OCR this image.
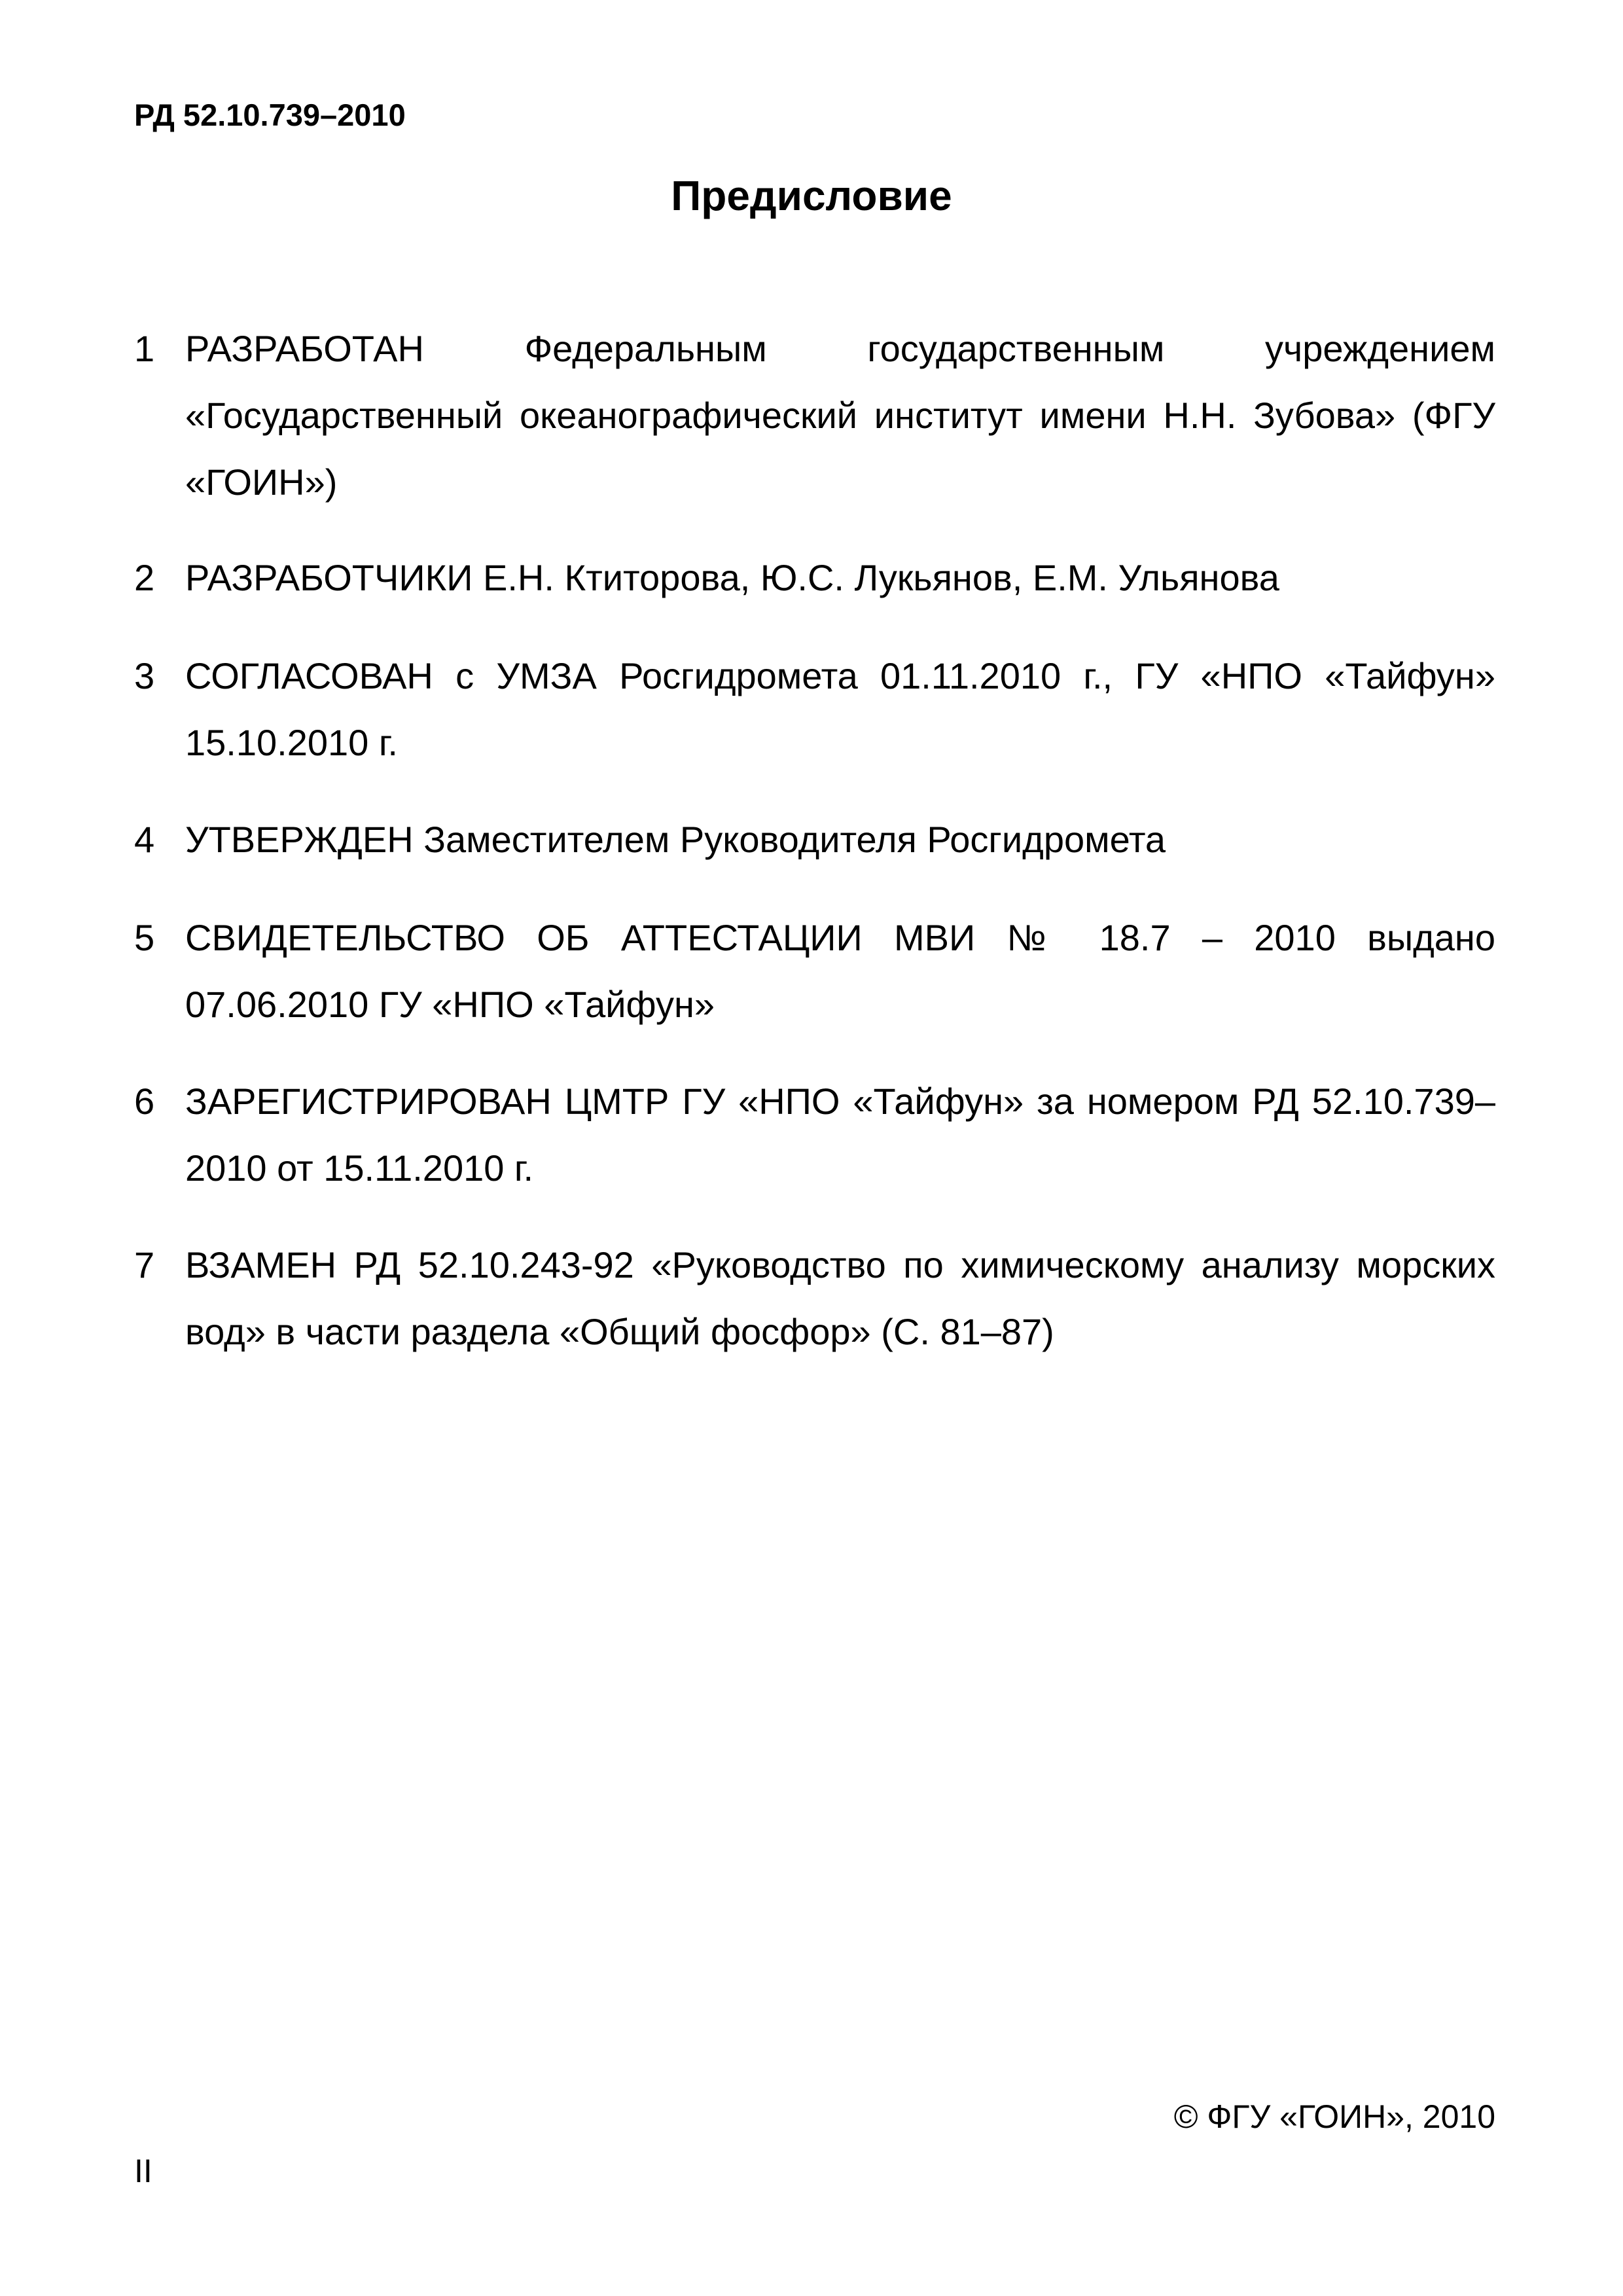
РД 52.10.739–2010
Предисловие
1 РАЗРАБОТАН Федеральным государственным учреждением «Государственный океанографический институт имени Н.Н. Зубова» (ФГУ «ГОИН»)
2 РАЗРАБОТЧИКИ Е.Н. Ктиторова, Ю.С. Лукьянов, Е.М. Ульянова
3 СОГЛАСОВАН с УМЗА Росгидромета 01.11.2010 г., ГУ «НПО «Тайфун» 15.10.2010 г.
4 УТВЕРЖДЕН Заместителем Руководителя Росгидромета
5 СВИДЕТЕЛЬСТВО ОБ АТТЕСТАЦИИ МВИ № 18.7 – 2010 выдано 07.06.2010 ГУ «НПО «Тайфун»
6 ЗАРЕГИСТРИРОВАН ЦМТР ГУ «НПО «Тайфун» за номером РД 52.10.739–2010 от 15.11.2010 г.
7 ВЗАМЕН РД 52.10.243-92 «Руководство по химическому анализу морских вод» в части раздела «Общий фосфор» (С. 81–87)
© ФГУ «ГОИН», 2010
II
